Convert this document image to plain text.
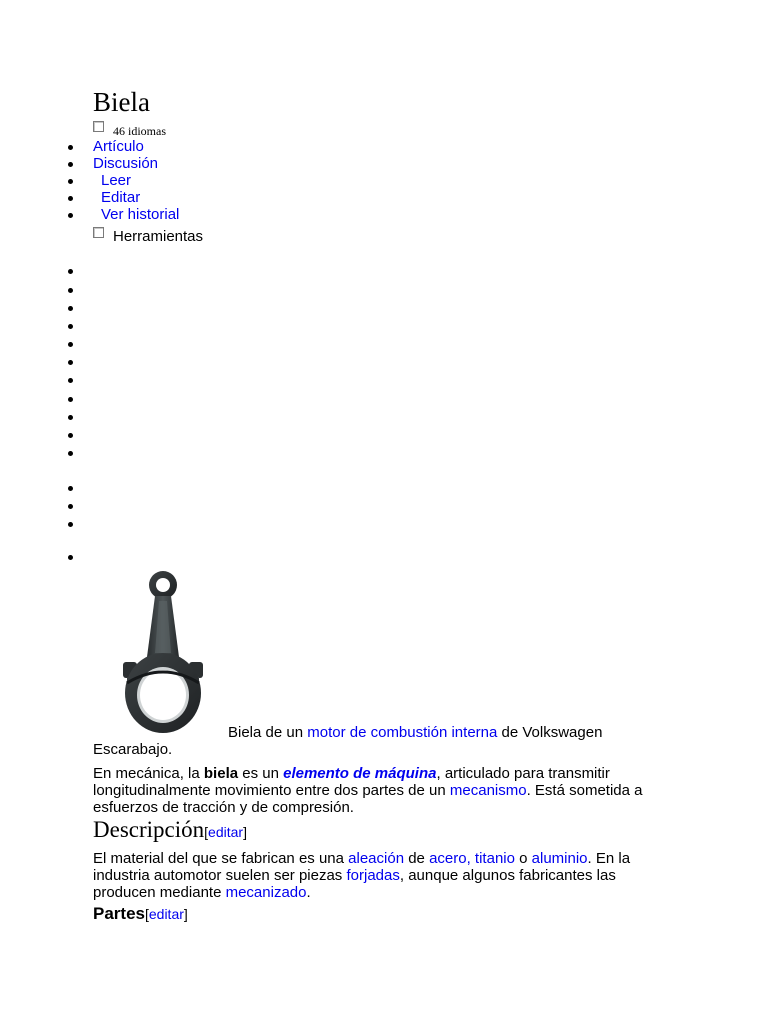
Biela
46 idiomas
Artículo
Discusión
Leer
Editar
Ver historial
Herramientas

Biela de un motor de combustión interna de Volkswagen Escarabajo.

En mecánica, la biela es un elemento de máquina, articulado para transmitir longitudinalmente movimiento entre dos partes de un mecanismo. Está sometida a esfuerzos de tracción y de compresión.

Descripción[editar]

El material del que se fabrican es una aleación de acero, titanio o aluminio. En la industria automotor suelen ser piezas forjadas, aunque algunos fabricantes las producen mediante mecanizado.

Partes[editar]
